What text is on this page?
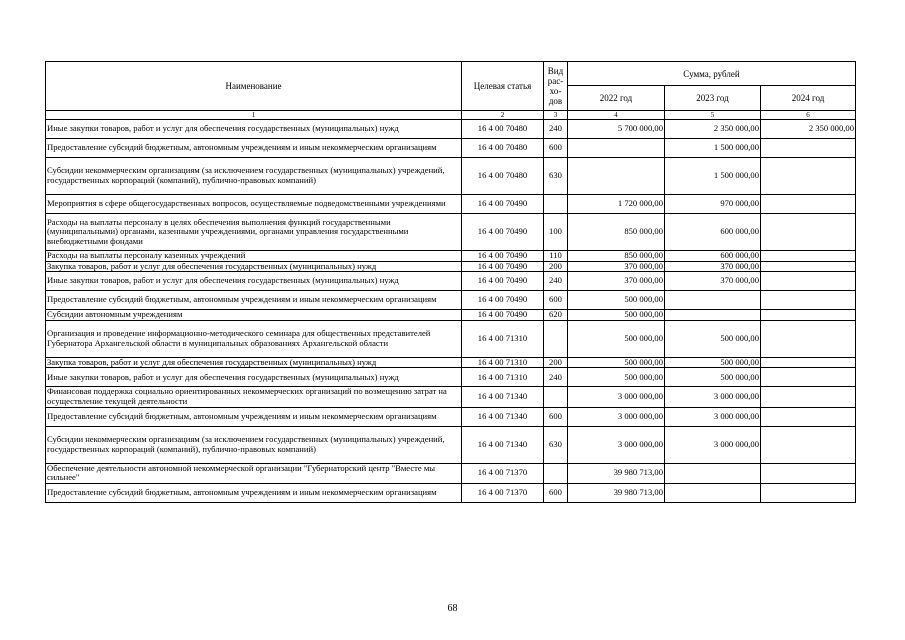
Наименование	Целевая статья	Вид рас-хо-дов	Сумма, рублей		
			2022 год	2023 год	2024 год
1	2	3	4	5	6
Иные закупки товаров, работ и услуг для обеспечения государственных (муниципальных) нужд	16 4 00 70480	240	5 700 000,00	2 350 000,00	2 350 000,00
Предоставление субсидий бюджетным, автономным учреждениям и иным некоммерческим организациям	16 4 00 70480	600		1 500 000,00	
Субсидии некоммерческим организациям (за исключением государственных (муниципальных) учреждений, государственных корпораций (компаний), публично-правовых компаний)	16 4 00 70480	630		1 500 000,00	
Мероприятия в сфере общегосударственных вопросов, осуществляемые подведомственными учреждениями	16 4 00 70490		1 720 000,00	970 000,00	
Расходы на выплаты персоналу в целях обеспечения выполнения функций государственными (муниципальными) органами, казенными учреждениями, органами управления государственными внебюджетными фондами	16 4 00 70490	100	850 000,00	600 000,00	
Расходы на выплаты персоналу казенных учреждений	16 4 00 70490	110	850 000,00	600 000,00	
Закупка товаров, работ и услуг для обеспечения государственных (муниципальных) нужд	16 4 00 70490	200	370 000,00	370 000,00	
Иные закупки товаров, работ и услуг для обеспечения государственных (муниципальных) нужд	16 4 00 70490	240	370 000,00	370 000,00	
Предоставление субсидий бюджетным, автономным учреждениям и иным некоммерческим организациям	16 4 00 70490	600	500 000,00		
Субсидии автономным учреждениям	16 4 00 70490	620	500 000,00		
Организация и проведение информационно-методического семинара для общественных представителей Губернатора Архангельской области в муниципальных образованиях Архангельской области	16 4 00 71310		500 000,00	500 000,00	
Закупка товаров, работ и услуг для обеспечения государственных (муниципальных) нужд	16 4 00 71310	200	500 000,00	500 000,00	
Иные закупки товаров, работ и услуг для обеспечения государственных (муниципальных) нужд	16 4 00 71310	240	500 000,00	500 000,00	
Финансовая поддержка социально ориентированных некоммерческих организаций по возмещению затрат на осуществление текущей деятельности	16 4 00 71340		3 000 000,00	3 000 000,00	
Предоставление субсидий бюджетным, автономным учреждениям и иным некоммерческим организациям	16 4 00 71340	600	3 000 000,00	3 000 000,00	
Субсидии некоммерческим организациям (за исключением государственных (муниципальных) учреждений, государственных корпораций (компаний), публично-правовых компаний)	16 4 00 71340	630	3 000 000,00	3 000 000,00	
Обеспечение деятельности автономной некоммерческой организации "Губернаторский центр "Вместе мы сильнее"	16 4 00 71370		39 980 713,00		
Предоставление субсидий бюджетным, автономным учреждениям и иным некоммерческим организациям	16 4 00 71370	600	39 980 713,00		
68
